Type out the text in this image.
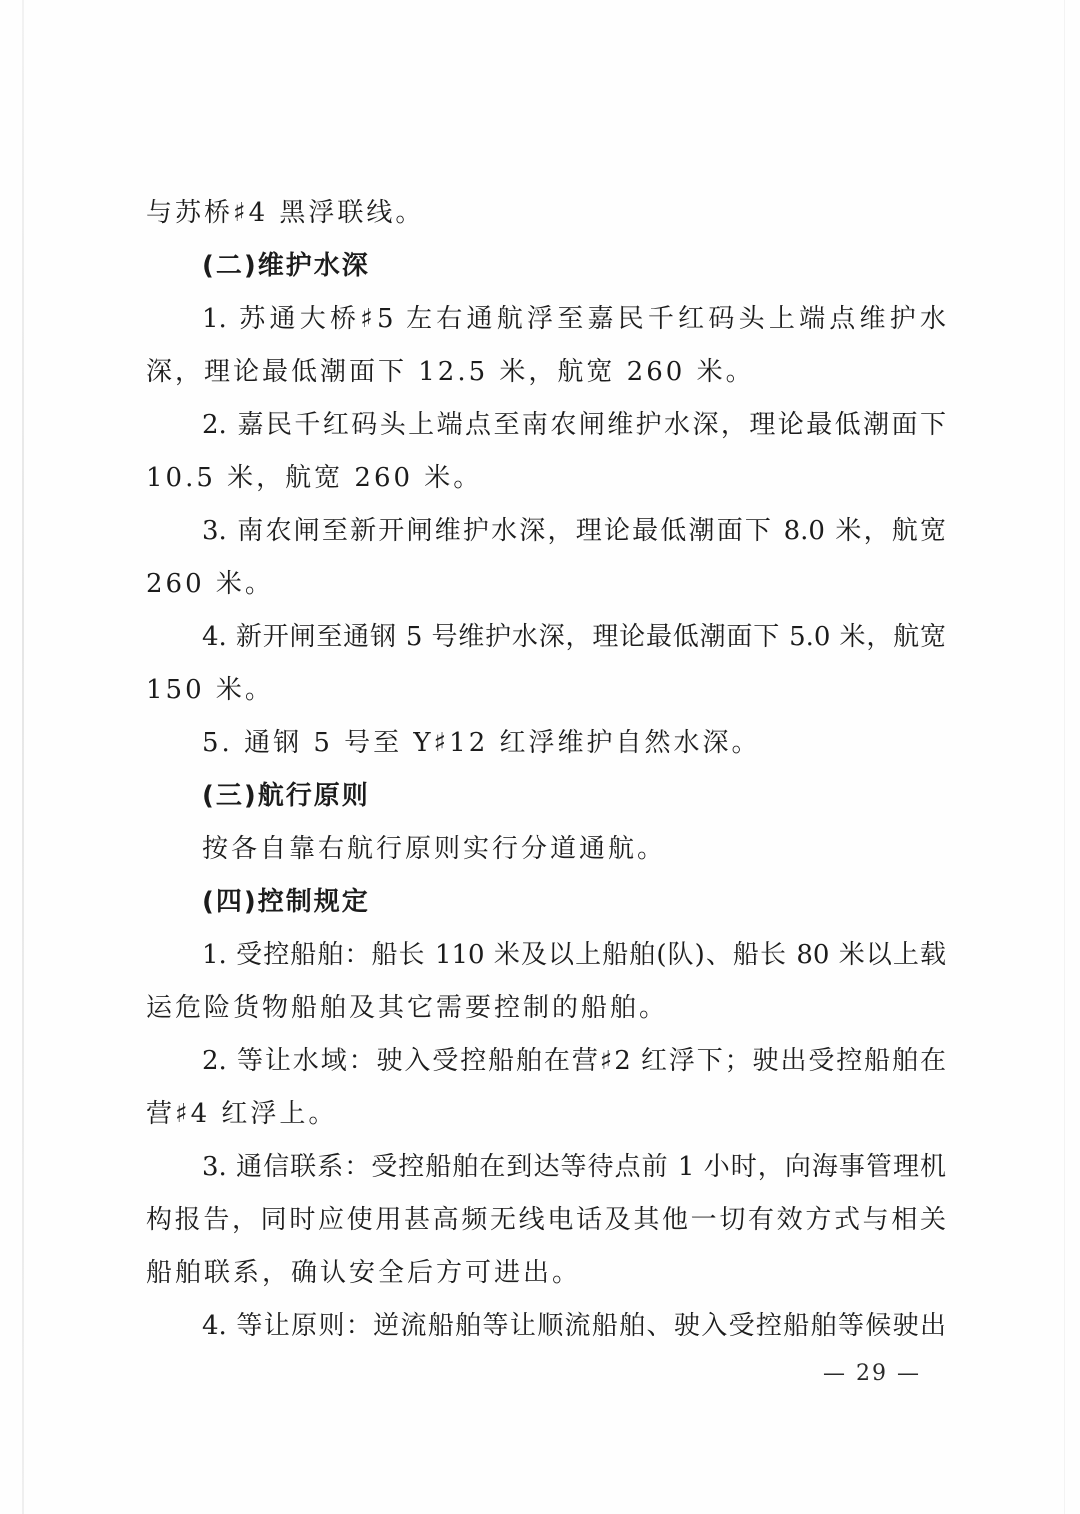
与苏桥♯4 黑浮联线。
(二)维护水深
1. 苏通大桥♯5 左右通航浮至嘉民千红码头上端点维护水
深，理论最低潮面下 12.5 米，航宽 260 米。
2. 嘉民千红码头上端点至南农闸维护水深，理论最低潮面下
10.5 米，航宽 260 米。
3. 南农闸至新开闸维护水深，理论最低潮面下 8.0 米，航宽
260 米。
4. 新开闸至通钢 5 号维护水深，理论最低潮面下 5.0 米，航宽
150 米。
5. 通钢 5 号至 Y♯12 红浮维护自然水深。
(三)航行原则
按各自靠右航行原则实行分道通航。
(四)控制规定
1. 受控船舶：船长 110 米及以上船舶(队)、船长 80 米以上载
运危险货物船舶及其它需要控制的船舶。
2. 等让水域：驶入受控船舶在营♯2 红浮下；驶出受控船舶在
营♯4 红浮上。
3. 通信联系：受控船舶在到达等待点前 1 小时，向海事管理机
构报告，同时应使用甚高频无线电话及其他一切有效方式与相关
船舶联系，确认安全后方可进出。
4. 等让原则：逆流船舶等让顺流船舶、驶入受控船舶等候驶出
— 29 —
